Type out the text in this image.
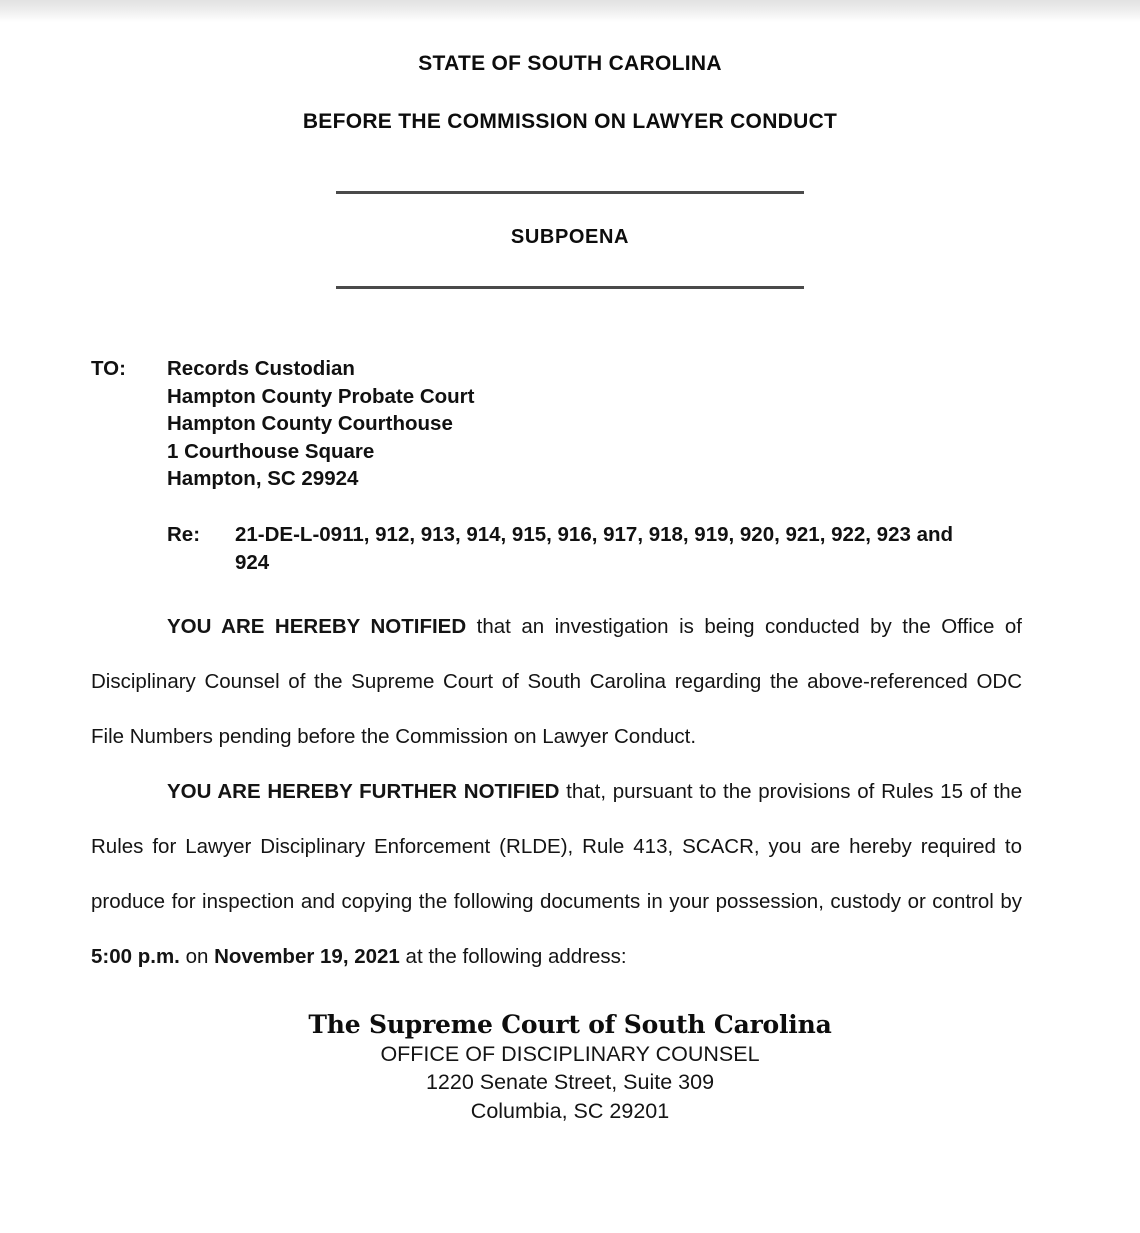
STATE OF SOUTH CAROLINA
BEFORE THE COMMISSION ON LAWYER CONDUCT
SUBPOENA
TO:	Records Custodian
Hampton County Probate Court
Hampton County Courthouse
1 Courthouse Square
Hampton, SC 29924
Re:	21-DE-L-0911, 912, 913, 914, 915, 916, 917, 918, 919, 920, 921, 922, 923 and 924

YOU ARE HEREBY NOTIFIED that an investigation is being conducted by the Office of Disciplinary Counsel of the Supreme Court of South Carolina regarding the above-referenced ODC File Numbers pending before the Commission on Lawyer Conduct.

YOU ARE HEREBY FURTHER NOTIFIED that, pursuant to the provisions of Rules 15 of the Rules for Lawyer Disciplinary Enforcement (RLDE), Rule 413, SCACR, you are hereby required to produce for inspection and copying the following documents in your possession, custody or control by 5:00 p.m. on November 19, 2021 at the following address:

The Supreme Court of South Carolina
OFFICE OF DISCIPLINARY COUNSEL
1220 Senate Street, Suite 309
Columbia, SC 29201
